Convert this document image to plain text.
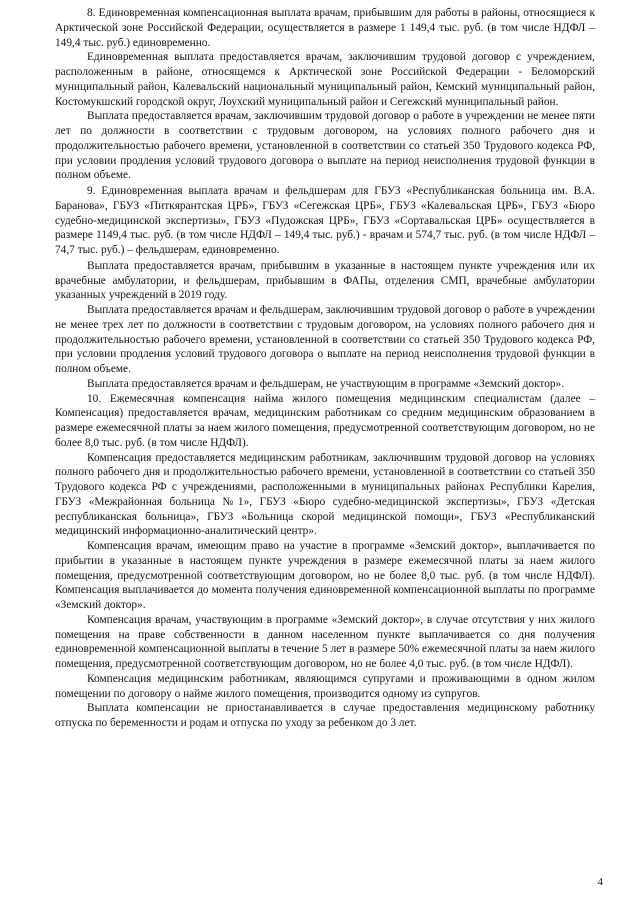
8. Единовременная компенсационная выплата врачам, прибывшим для работы в районы, относящиеся к Арктической зоне Российской Федерации, осуществляется в размере 1 149,4 тыс. руб. (в том числе НДФЛ – 149,4 тыс. руб.) единовременно.

Единовременная выплата предоставляется врачам, заключившим трудовой договор с учреждением, расположенным в районе, относящемся к Арктической зоне Российской Федерации - Беломорский муниципальный район, Калевальский национальный муниципальный район, Кемский муниципальный район, Костомукшский городской округ, Лоухский муниципальный район и Сегежский муниципальный район.

Выплата предоставляется врачам, заключившим трудовой договор о работе в учреждении не менее пяти лет по должности в соответствии с трудовым договором, на условиях полного рабочего дня и продолжительностью рабочего времени, установленной в соответствии со статьей 350 Трудового кодекса РФ, при условии продления условий трудового договора о выплате на период неисполнения трудовой функции в полном объеме.

9. Единовременная выплата врачам и фельдшерам для ГБУЗ «Республиканская больница им. В.А. Баранова», ГБУЗ «Питкярантская ЦРБ», ГБУЗ «Сегежская ЦРБ», ГБУЗ «Калевальская ЦРБ», ГБУЗ «Бюро судебно-медицинской экспертизы», ГБУЗ «Пудожская ЦРБ», ГБУЗ «Сортавальская ЦРБ» осуществляется в размере 1149,4 тыс. руб. (в том числе НДФЛ – 149,4 тыс. руб.) - врачам и 574,7 тыс. руб. (в том числе НДФЛ – 74,7 тыс. руб.) – фельдшерам, единовременно.

Выплата предоставляется врачам, прибывшим в указанные в настоящем пункте учреждения или их врачебные амбулатории, и фельдшерам, прибывшим в ФАПы, отделения СМП, врачебные амбулатории указанных учреждений в 2019 году.

Выплата предоставляется врачам и фельдшерам, заключившим трудовой договор о работе в учреждении не менее трех лет по должности в соответствии с трудовым договором, на условиях полного рабочего дня и продолжительностью рабочего времени, установленной в соответствии со статьей 350 Трудового кодекса РФ, при условии продления условий трудового договора о выплате на период неисполнения трудовой функции в полном объеме.

Выплата предоставляется врачам и фельдшерам, не участвующим в программе «Земский доктор».

10. Ежемесячная компенсация найма жилого помещения медицинским специалистам (далее – Компенсация) предоставляется врачам, медицинским работникам со средним медицинским образованием в размере ежемесячной платы за наем жилого помещения, предусмотренной соответствующим договором, но не более 8,0 тыс. руб. (в том числе НДФЛ).

Компенсация предоставляется медицинским работникам, заключившим трудовой договор на условиях полного рабочего дня и продолжительностью рабочего времени, установленной в соответствии со статьей 350 Трудового кодекса РФ с учреждениями, расположенными в муниципальных районах Республики Карелия, ГБУЗ «Межрайонная больница №1», ГБУЗ «Бюро судебно-медицинской экспертизы», ГБУЗ «Детская республиканская больница», ГБУЗ «Больница скорой медицинской помощи», ГБУЗ «Республиканский медицинский информационно-аналитический центр».

Компенсация врачам, имеющим право на участие в программе «Земский доктор», выплачивается по прибытии в указанные в настоящем пункте учреждения в размере ежемесячной платы за наем жилого помещения, предусмотренной соответствующим договором, но не более 8,0 тыс. руб. (в том числе НДФЛ). Компенсация выплачивается до момента получения единовременной компенсационной выплаты по программе «Земский доктор».

Компенсация врачам, участвующим в программе «Земский доктор», в случае отсутствия у них жилого помещения на праве собственности в данном населенном пункте выплачивается со дня получения единовременной компенсационной выплаты в течение 5 лет в размере 50% ежемесячной платы за наем жилого помещения, предусмотренной соответствующим договором, но не более 4,0 тыс. руб. (в том числе НДФЛ).

Компенсация медицинским работникам, являющимся супругами и проживающими в одном жилом помещении по договору о найме жилого помещения, производится одному из супругов.

Выплата компенсации не приостанавливается в случае предоставления медицинскому работнику отпуска по беременности и родам и отпуска по уходу за ребенком до 3 лет.

4
